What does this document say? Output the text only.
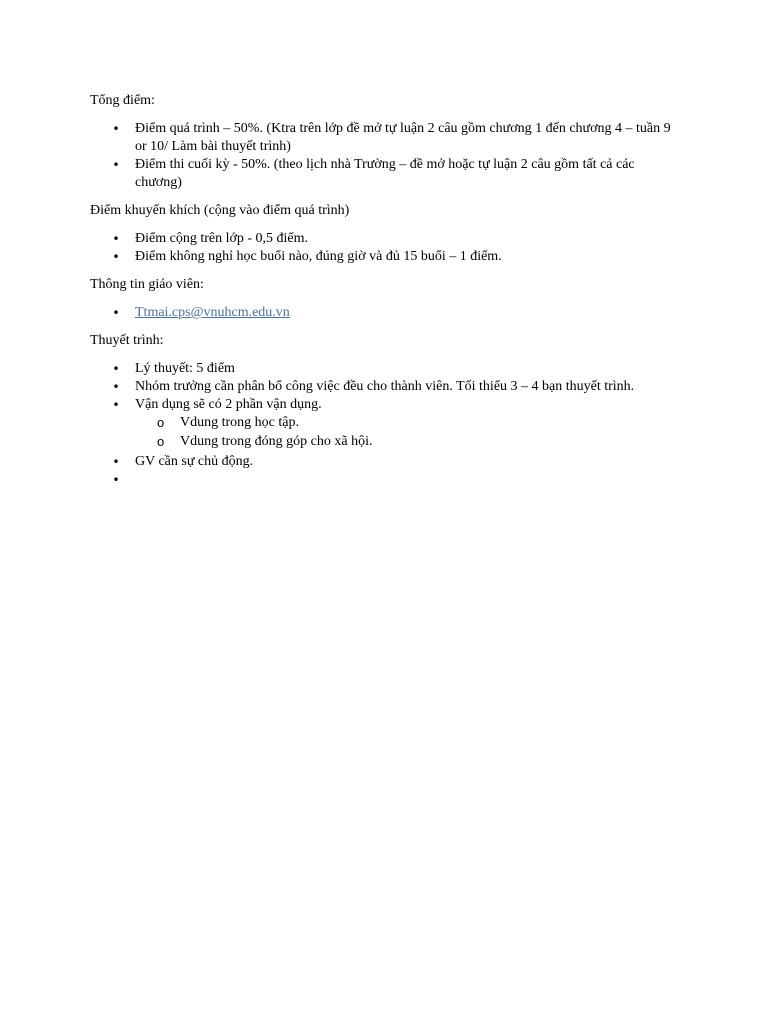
Tổng điểm:

• Điểm quá trình – 50%. (Ktra trên lớp đề mở tự luận 2 câu gồm chương 1 đến chương 4 – tuần 9 or 10/ Làm bài thuyết trình)
• Điểm thi cuối kỳ - 50%. (theo lịch nhà Trường – đề mở hoặc tự luận 2 câu gồm tất cả các chương)

Điểm khuyến khích (cộng vào điểm quá trình)

• Điểm cộng trên lớp - 0,5 điểm.
• Điểm không nghỉ học buổi nào, đúng giờ và đủ 15 buổi – 1 điểm.

Thông tin giáo viên:

• Ttmai.cps@vnuhcm.edu.vn

Thuyết trình:

• Lý thuyết: 5 điểm
• Nhóm trưởng cần phân bổ công việc đều cho thành viên. Tối thiểu 3 – 4 bạn thuyết trình.
• Vận dụng sẽ có 2 phần vận dụng.
o Vdung trong học tập.
o Vdung trong đóng góp cho xã hội.
• GV cần sự chủ động.
•
